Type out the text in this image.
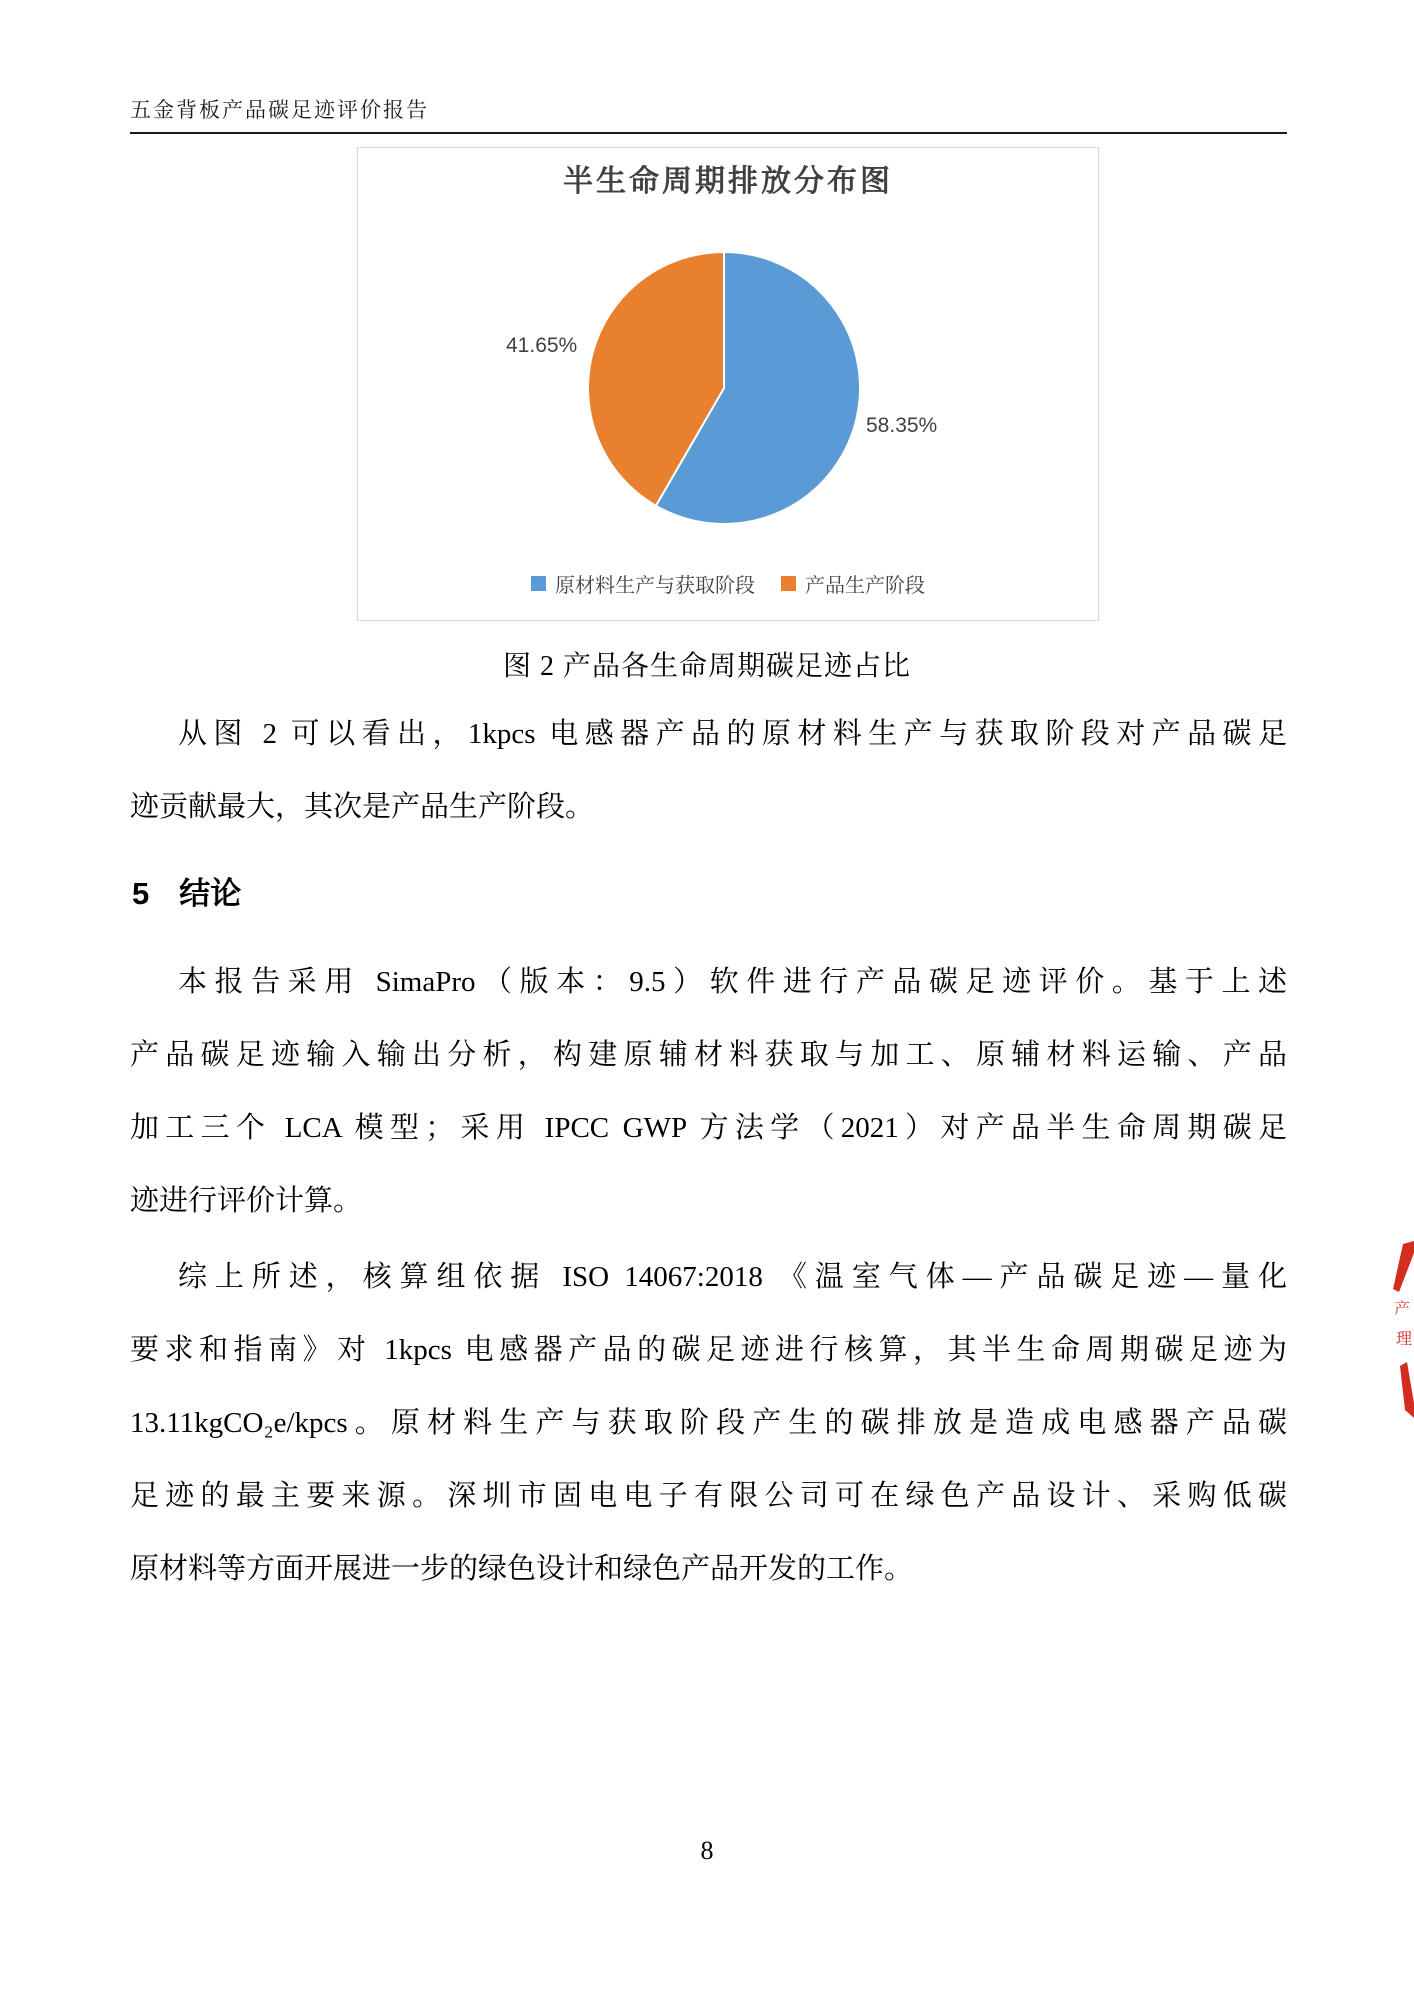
五金背板产品碳足迹评价报告
半生命周期排放分布图
41.65%
58.35%
原材料生产与获取阶段	产品生产阶段
图 2 产品各生命周期碳足迹占比
从图 2 可以看出，1kpcs 电感器产品的原材料生产与获取阶段对产品碳足
迹贡献最大，其次是产品生产阶段。
5 结论
本报告采用 SimaPro（版本：9.5）软件进行产品碳足迹评价。基于上述
产品碳足迹输入输出分析，构建原辅材料获取与加工、原辅材料运输、产品
加工三个 LCA 模型；采用 IPCC GWP 方法学（2021）对产品半生命周期碳足
迹进行评价计算。
综上所述，核算组依据 ISO 14067:2018 《温室气体—产品碳足迹—量化
要求和指南》对 1kpcs 电感器产品的碳足迹进行核算，其半生命周期碳足迹为
13.11kgCO₂e/kpcs。原材料生产与获取阶段产生的碳排放是造成电感器产品碳
足迹的最主要来源。深圳市固电电子有限公司可在绿色产品设计、采购低碳
原材料等方面开展进一步的绿色设计和绿色产品开发的工作。
产
理
8
